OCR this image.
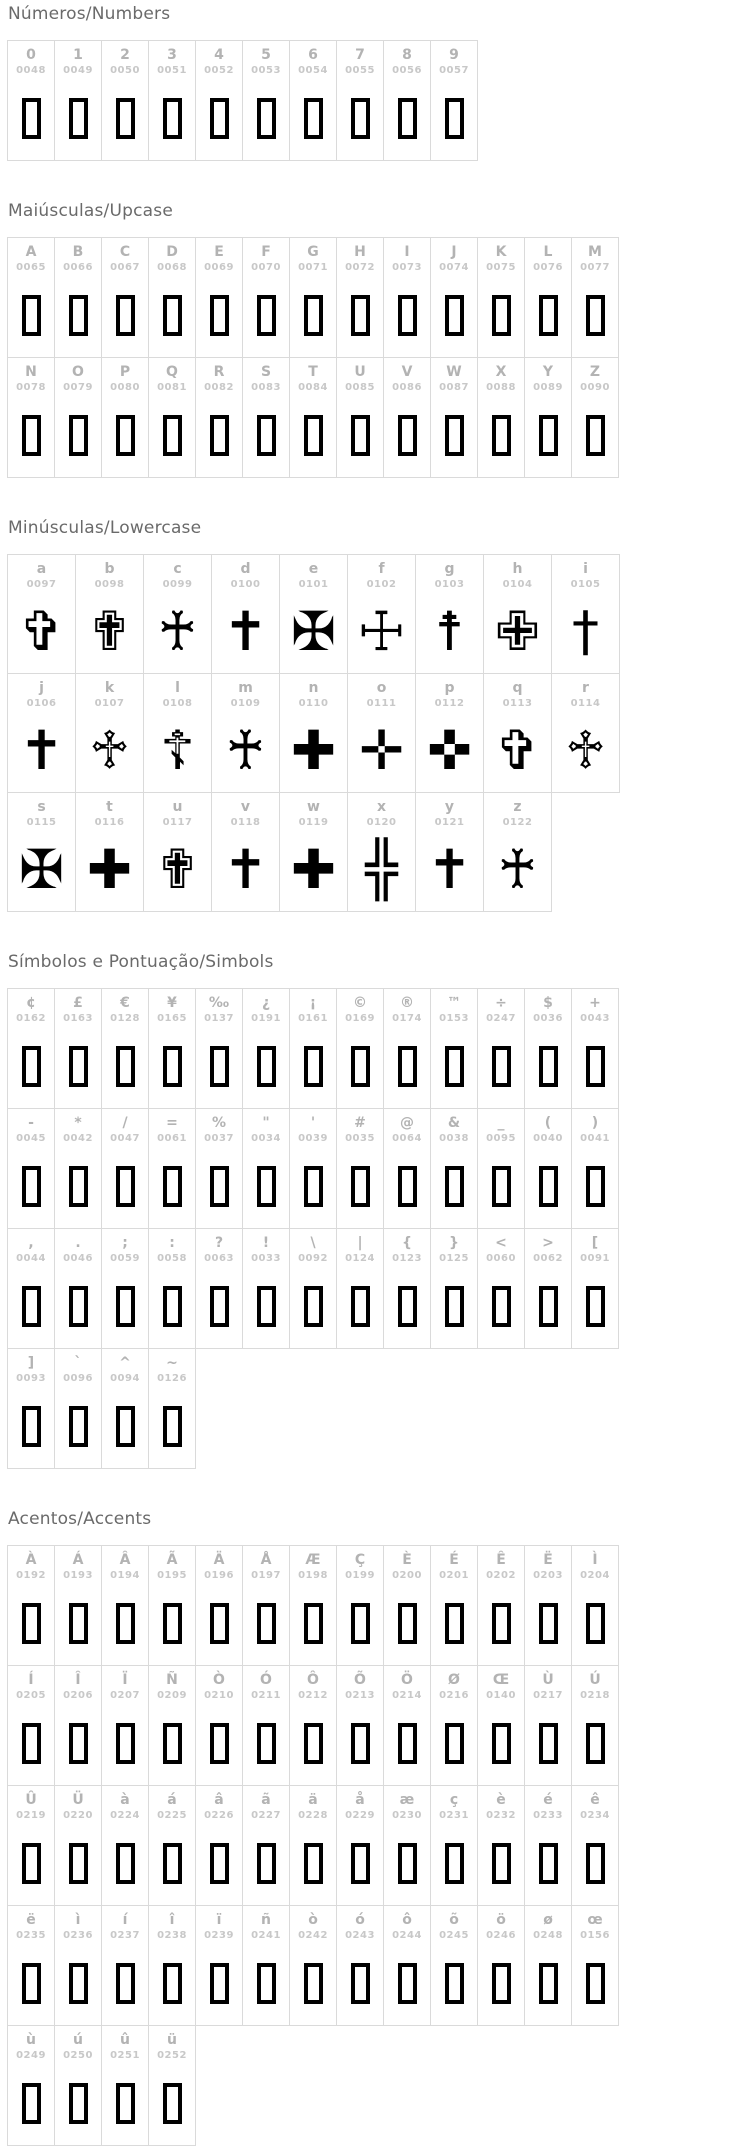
Números/Numbers
0
0048
1
0049
2
0050
3
0051
4
0052
5
0053
6
0054
7
0055
8
0056
9
0057
Maiúsculas/Upcase
A
0065
B
0066
C
0067
D
0068
E
0069
F
0070
G
0071
H
0072
I
0073
J
0074
K
0075
L
0076
M
0077
N
0078
O
0079
P
0080
Q
0081
R
0082
S
0083
T
0084
U
0085
V
0086
W
0087
X
0088
Y
0089
Z
0090
Minúsculas/Lowercase
a
0097
✞
b
0098
✟
c
0099
♰
d
0100
✝
e
0101
✠
f
0102
☩
g
0103
☨
h
0104
✙
i
0105
†
j
0106
✝
k
0107
♱
l
0108
☦
m
0109
♰
n
0110
✚
o
0111
✛
p
0112
✜
q
0113
✞
r
0114
♱
s
0115
✠
t
0116
✚
u
0117
✟
v
0118
✝
w
0119
✚
x
0120
╬
y
0121
✝
z
0122
♰
Símbolos e Pontuação/Simbols
¢
0162
£
0163
€
0128
¥
0165
‰
0137
¿
0191
¡
0161
©
0169
®
0174
™
0153
÷
0247
$
0036
+
0043
-
0045
*
0042
/
0047
=
0061
%
0037
"
0034
'
0039
#
0035
@
0064
&
0038
_
0095
(
0040
)
0041
,
0044
.
0046
;
0059
:
0058
?
0063
!
0033
\
0092
|
0124
{
0123
}
0125
<
0060
>
0062
[
0091
]
0093
`
0096
^
0094
~
0126
Acentos/Accents
À
0192
Á
0193
Â
0194
Ã
0195
Ä
0196
Å
0197
Æ
0198
Ç
0199
È
0200
É
0201
Ê
0202
Ë
0203
Ì
0204
Í
0205
Î
0206
Ï
0207
Ñ
0209
Ò
0210
Ó
0211
Ô
0212
Õ
0213
Ö
0214
Ø
0216
Œ
0140
Ù
0217
Ú
0218
Û
0219
Ü
0220
à
0224
á
0225
â
0226
ã
0227
ä
0228
å
0229
æ
0230
ç
0231
è
0232
é
0233
ê
0234
ë
0235
ì
0236
í
0237
î
0238
ï
0239
ñ
0241
ò
0242
ó
0243
ô
0244
õ
0245
ö
0246
ø
0248
œ
0156
ù
0249
ú
0250
û
0251
ü
0252
